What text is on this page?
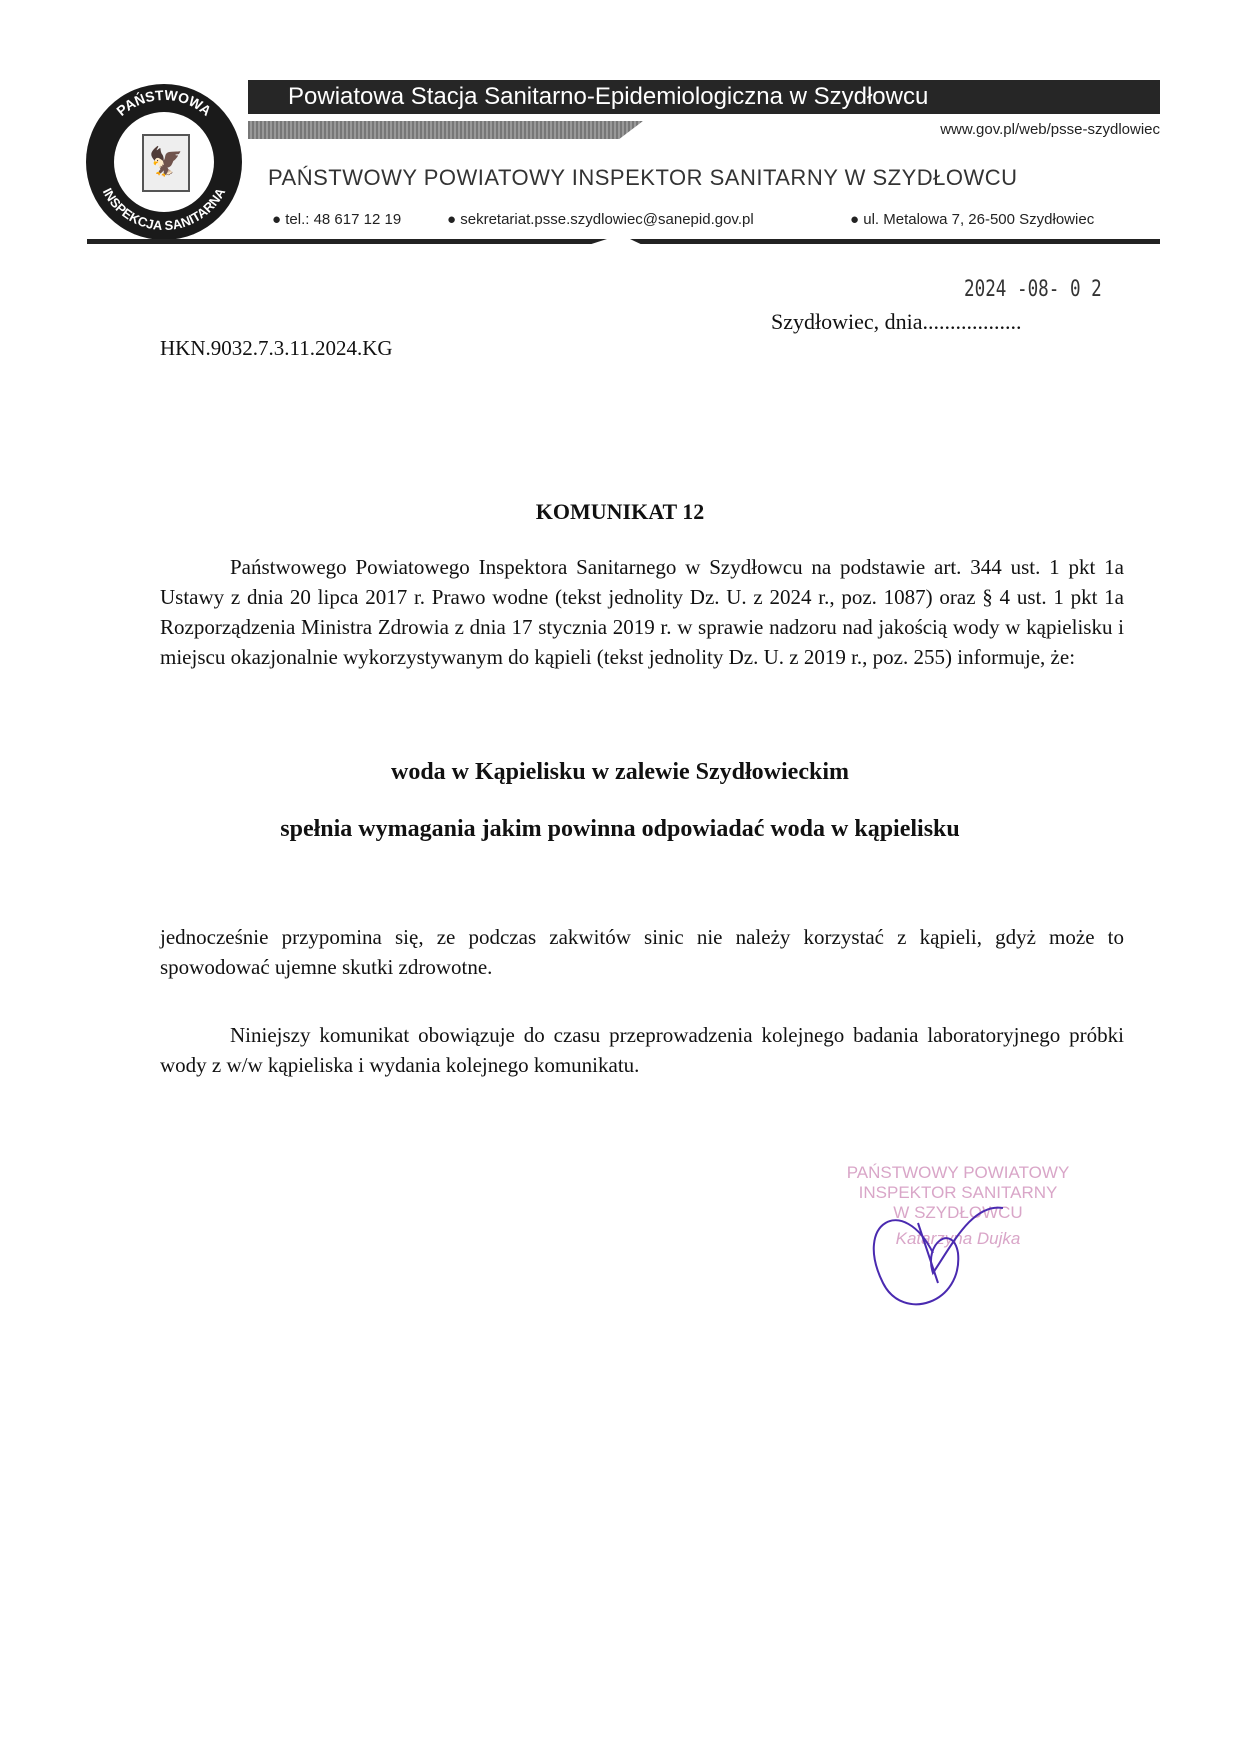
🦅
PAŃSTWOWA
INSPEKCJA SANITARNA
Powiatowa Stacja Sanitarno-Epidemiologiczna w Szydłowcu
www.gov.pl/web/psse-szydlowiec
PAŃSTWOWY POWIATOWY INSPEKTOR SANITARNY W SZYDŁOWCU
● tel.: 48 617 12 19	● sekretariat.psse.szydlowiec@sanepid.gov.pl	● ul. Metalowa 7, 26-500 Szydłowiec
2024 -08- 0 2
Szydłowiec, dnia..................
HKN.9032.7.3.11.2024.KG
KOMUNIKAT 12
Państwowego Powiatowego Inspektora Sanitarnego w Szydłowcu na podstawie art. 344 ust. 1 pkt 1a Ustawy z dnia 20 lipca 2017 r. Prawo wodne (tekst jednolity Dz. U. z 2024 r., poz. 1087) oraz § 4 ust. 1 pkt 1a Rozporządzenia Ministra Zdrowia z dnia 17 stycznia 2019 r. w sprawie nadzoru nad jakością wody w kąpielisku i miejscu okazjonalnie wykorzystywanym do kąpieli (tekst jednolity Dz. U. z 2019 r., poz. 255) informuje, że:
woda w Kąpielisku w zalewie Szydłowieckim
spełnia wymagania jakim powinna odpowiadać woda w kąpielisku
jednocześnie przypomina się, ze podczas zakwitów sinic nie należy korzystać z kąpieli, gdyż może to spowodować ujemne skutki zdrowotne.
Niniejszy komunikat obowiązuje do czasu przeprowadzenia kolejnego badania laboratoryjnego próbki wody z w/w kąpieliska i wydania kolejnego komunikatu.
PAŃSTWOWY POWIATOWY
INSPEKTOR SANITARNY
W SZYDŁOWCU
Katarzyna Dujka
